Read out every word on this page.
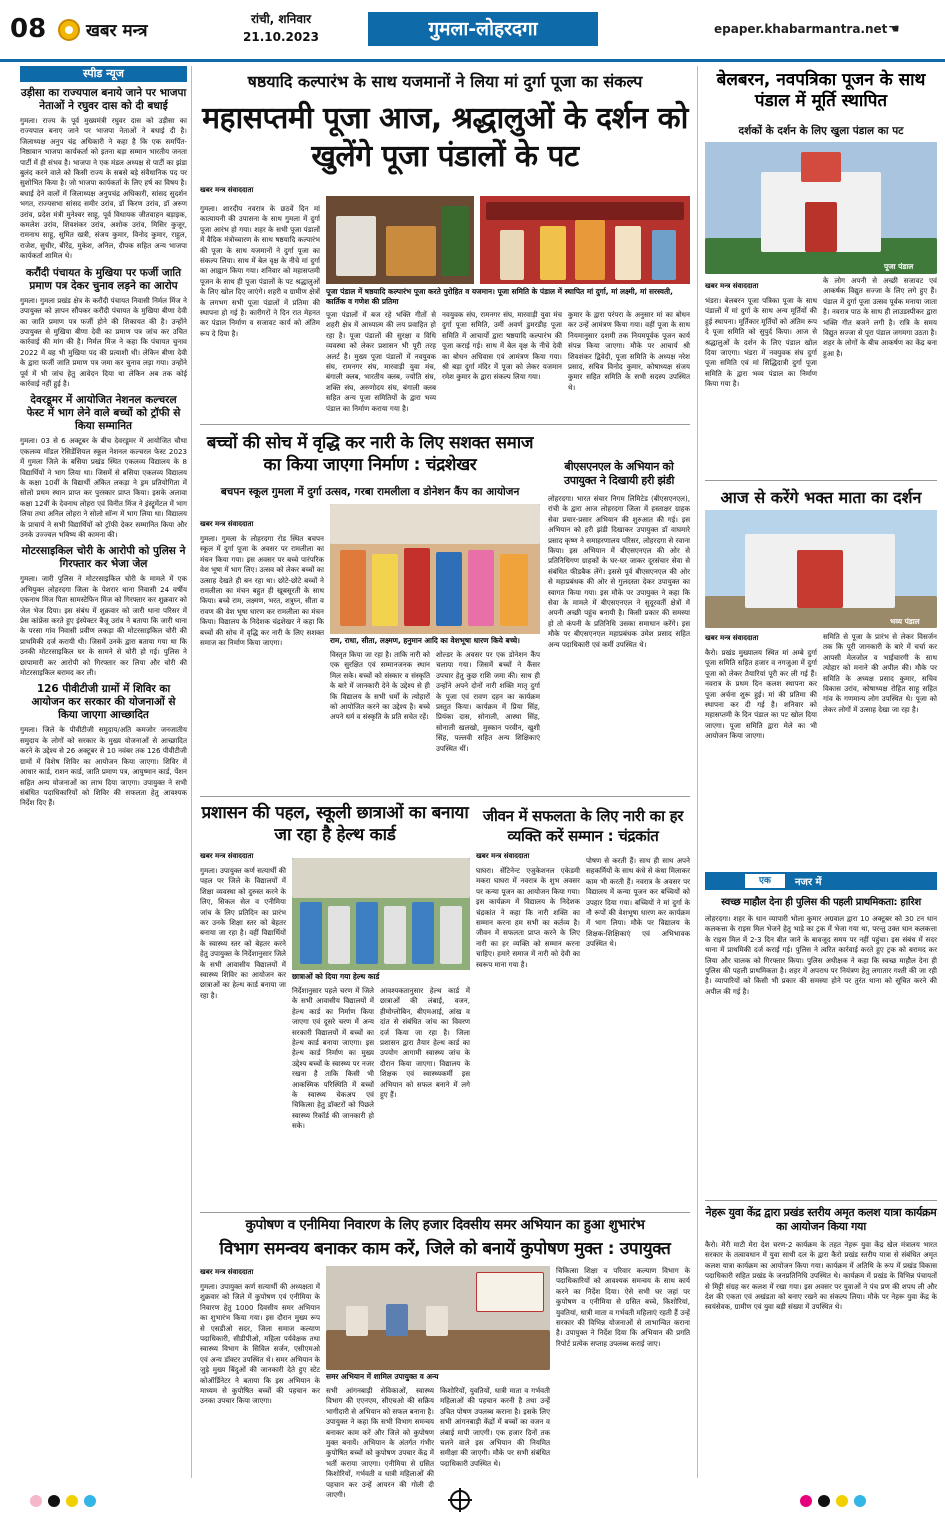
08 खबर मन्त्र
रांची, शनिवार
21.10.2023	गुमला-लोहरदगा	epaper.khabarmantra.net ☚
स्पीड न्यूज
उड़ीसा का राज्यपाल बनाये जाने पर भाजपा नेताओं ने रघुवर दास को दी बधाई
गुमला। राज्य के पूर्व मुख्यमंत्री रघुवर दास को उड़ीसा का राज्यपाल बनाए जाने पर भाजपा नेताओं ने बधाई दी है। जिलाध्यक्ष अनुप चंद्र अधिकारी ने कहा है कि एक समर्पित-निष्ठावान भाजपा कार्यकर्ता को इतना बड़ा सम्मान भारतीय जनता पार्टी में ही संभव है। भाजपा ने एक मंडल अध्यक्ष से पार्टी का झंडा बुलंद करने वाले को किसी राज्य के सबसे बड़े संवैधानिक पद पर सुशोभित किया है। जो भाजपा कार्यकर्ता के लिए हर्ष का विषय है। बधाई देने वालों में जिलाध्यक्ष अनुपचंद्र अधिकारी, सांसद सुदर्शन भगत, राज्यसभा सांसद समीर उरांव, डॉ किरण उरांव, डॉ अरुण उरांव, प्रदेश मंत्री मुनेश्वर साहू, पूर्व विधायक जीतवाहन बड़ाइक, कमलेश उरांव, शिवशंकर उरांव, अशोक उरांव, मिसिर कुजूर, रामनाथ साहू, सुमित खत्री, संजय कुमार, विनोद कुमार, राहुल, राजेश, सुधीर, बीरेंद्र, मुकेश, अनिल, दीपक सहित अन्य भाजपा कार्यकर्ता शामिल थे।
करौंदी पंचायत के मुखिया पर फर्जी जाति प्रमाण पत्र देकर चुनाव लड़ने का आरोप
गुमला। गुमला प्रखंड क्षेत्र के करौंदी पंचायत निवासी निर्मल मिंज ने उपायुक्त को ज्ञापन सौंपकर करौंदी पंचायत के मुखिया बीणा देवी का जाति प्रमाण पत्र फर्जी होने की शिकायत की है। उन्होंने उपायुक्त से मुखिया बीणा देवी का प्रमाण पत्र जांच कर उचित कार्रवाई की मांग की है। निर्मल मिंज ने कहा कि पंचायत चुनाव 2022 में वह भी मुखिया पद की प्रत्याशी थी। लेकिन बीणा देवी के द्वारा फर्जी जाति प्रमाण पत्र जमा कर चुनाव लड़ा गया। उन्होंने पूर्व में भी जांच हेतु आवेदन दिया था लेकिन अब तक कोई कार्रवाई नहीं हुई है।
देवरडूमर में आयोजित नेशनल कल्चरल फेस्ट में भाग लेने वाले बच्चों को ट्रॉफी से किया सम्मानित
गुमला। 03 से 6 अक्टूबर के बीच देवरडूमर में आयोजित चौथा एकलव्य मॉडल रेसिडेंशियल स्कूल नेशनल कल्चरल फेस्ट 2023 में गुमला जिले के बसिया प्रखंड स्थित एकलव्य विद्यालय के 8 विद्यार्थियों ने भाग लिया था। जिसमें से बसिया एकलव्य विद्यालय के कक्षा 10वीं के विद्यार्थी अंकित लकड़ा ने ड्रम प्रतियोगिता में सोलो प्रथम स्थान प्राप्त कर पुरस्कार प्राप्त किया। इसके अलावा कक्षा 12वीं के देवनाथ लोहरा एवं विनीत मिंज ने इंस्ट्रूमेंटल में भाग लिया तथा अनिल लोहरा ने सोलो सॉन्ग में भाग लिया था। विद्यालय के प्राचार्य ने सभी विद्यार्थियों को ट्रॉफी देकर सम्मानित किया और उनके उज्ज्वल भविष्य की कामना की।
मोटरसाइकिल चोरी के आरोपी को पुलिस ने गिरफ्तार कर भेजा जेल
गुमला। जारी पुलिस ने मोटरसाइकिल चोरी के मामले में एक अभियुक्त लोहरदगा जिला के पेशरार थाना निवासी 24 वर्षीय एकनाथ मिंज पिता सामस्टेफिन मिंज को गिरफ्तार कर शुक्रवार को जेल भेज दिया। इस संबंध में शुक्रवार को जारी थाना परिसर में प्रेस कांफ्रेंस करते हुए इंस्पेक्टर बैजू उरांव ने बताया कि जारी थाना के परसा गांव निवासी प्रवीण लकड़ा की मोटरसाइकिल चोरी की प्राथमिकी दर्ज करायी थी। जिसमें उनके द्वारा बताया गया था कि उनकी मोटरसाइकिल घर के सामने से चोरी हो गई। पुलिस ने छापामारी कर आरोपी को गिरफ्तार कर लिया और चोरी की मोटरसाइकिल बरामद कर ली।
126 पीवीटीजी ग्रामों में शिविर का आयोजन कर सरकार की योजनाओं से किया जाएगा आच्छादित
गुमला। जिले के पीवीटीजी समुदाय/अति कमजोर जनजातीय समुदाय के लोगों को सरकार के मुख्य योजनाओं से आच्छादित करने के उद्देश्य से 26 अक्टूबर से 10 नवंबर तक 126 पीवीटीजी ग्रामों में विशेष शिविर का आयोजन किया जाएगा। शिविर में आधार कार्ड, राशन कार्ड, जाति प्रमाण पत्र, आयुष्मान कार्ड, पेंशन सहित अन्य योजनाओं का लाभ दिया जाएगा। उपायुक्त ने सभी संबंधित पदाधिकारियों को शिविर की सफलता हेतु आवश्यक निर्देश दिए हैं।
षष्ठयादि कल्पारंभ के साथ यजमानों ने लिया मां दुर्गा पूजा का संकल्प
महासप्तमी पूजा आज, श्रद्धालुओं के दर्शन को खुलेंगे पूजा पंडालों के पट
खबर मन्त्र संवाददाता
गुमला। शारदीय नवरात्र के छठवें दिन मां कात्यायनी की उपासना के साथ गुमला में दुर्गा पूजा आरंभ हो गया। शहर के सभी पूजा पंडालों में वैदिक मंत्रोच्चारण के साथ षष्ठयादि कल्पारंभ की पूजा के साथ यजमानों ने दुर्गा पूजा का संकल्प लिया। साथ में बेल वृक्ष के नीचे मां दुर्गा का आह्वान किया गया। शनिवार को महासप्तमी पूजन के साथ ही पूजा पंडालों के पट श्रद्धालुओं के लिए खोल दिए जाएंगे। शहरी व ग्रामीण क्षेत्रों के लगभग सभी पूजा पंडालों में प्रतिमा की स्थापना हो गई है। कारीगरों ने दिन रात मेहनत कर पंडाल निर्माण व सजावट कार्य को अंतिम रूप दे दिया है।
पूजा पंडाल में षष्ठयादि कल्पारंभ पूजा करते पुरोहित व यजमान। पूजा समिति के पंडाल में स्थापित मां दुर्गा, मां लक्ष्मी, मां सरस्वती, कार्तिक व गणेश की प्रतिमा
पूजा पंडालों में बज रहे भक्ति गीतों से शहरी क्षेत्र में आध्यात्म की लय प्रवाहित हो रहा है। पूजा पंडालों की सुरक्षा व विधि व्यवस्था को लेकर प्रशासन भी पूरी तरह अलर्ट है। मुख्य पूजा पंडालों में नवयुवक संघ, रामनगर संघ, मारवाड़ी युवा मंच, बंगाली क्लब, भारतीय क्लब, ज्योति संघ, शक्ति संघ, अरुणोदय संघ, बंगाली क्लब सहित अन्य पूजा समितियों के द्वारा भव्य पंडाल का निर्माण कराया गया है।
नवयुवक संघ, रामनगर संघ, मारवाड़ी युवा मंच दुर्गा पूजा समिति, उर्मी अवर्ण डुमरडीह पूजा समिति में आचार्यों द्वारा षष्ठयादि कल्पारंभ की पूजा कराई गई। साथ में बेल वृक्ष के नीचे देवी का बोधन अधिवास एवं आमंत्रण किया गया। श्री बड़ा दुर्गा मंदिर में पूजा को लेकर यजमान रमेश कुमार के द्वारा संकल्प लिया गया।
कुमार के द्वारा परंपरा के अनुसार मां का बोधन कर उन्हें आमंत्रण किया गया। वहीं पूजा के साथ नियमानुसार दशमी तक नियमपूर्वक पूजन कार्य संपन्न किया जाएगा। मौके पर आचार्य श्री शिवशंकर द्विवेदी, पूजा समिति के अध्यक्ष नरेश प्रसाद, सचिव विनोद कुमार, कोषाध्यक्ष संजय कुमार सहित समिति के सभी सदस्य उपस्थित थे।
बेलबरन, नवपत्रिका पूजन के साथ पंडाल में मूर्ति स्थापित
दर्शकों के दर्शन के लिए खुला पंडाल का पट
पूजा पंडाल
खबर मन्त्र संवाददाता
भंडरा। बेलबरन पूजा पत्रिका पूजा के साथ पंडालों में मां दुर्गा के साथ अन्य मूर्तियों की हुई स्थापना। मूर्तिकार मूर्तियों को अंतिम रूप दे पूजा समिति को सुपुर्द किया। आज से श्रद्धालुओं के दर्शन के लिए पंडाल खोल दिया जाएगा। भंडरा में नवयुवक संघ दुर्गा पूजा समिति एवं मां सिद्धिदात्री दुर्गा पूजा समिति के द्वारा भव्य पंडाल का निर्माण किया गया है।
के लोग अपनी से अच्छी सजावट एवं आकर्षक विद्युत सज्जा के लिए लगे हुए हैं। पंडाल में दुर्गा पूजा उत्सव पूर्वक मनाया जाता है। नवरात्र पाठ के साथ ही लाउडस्पीकर द्वारा भक्ति गीत बजने लगी है। रात्रि के समय विद्युत सज्जा से पूरा पंडाल जगमगा उठता है। शहर के लोगों के बीच आकर्षण का केंद्र बना हुआ है।
आज से करेंगे भक्त माता का दर्शन
भव्य पंडाल
खबर मन्त्र संवाददाता
कैरो। प्रखंड मुख्यालय स्थित मां अम्बे दुर्गा पूजा समिति सहित हजार व नगजुआ में दुर्गा पूजा को लेकर तैयारियां पूरी कर ली गई हैं। नवरात्र के प्रथम दिन कलश स्थापना कर पूजा अर्चना शुरू हुई। मां की प्रतिमा की स्थापना कर दी गई है। शनिवार को महासप्तमी के दिन पंडाल का पट खोल दिया जाएगा। पूजा समिति द्वारा मेले का भी आयोजन किया जाएगा।
समिति से पूजा के प्रारंभ से लेकर विसर्जन तक कि पूरी जानकारी के बारे में चर्चा कर आपसी मेलजोल व भाईचारगी के साथ त्योहार को मनाने की अपील की। मौके पर समिति के अध्यक्ष प्रसाद कुमार, सचिव विकास उरांव, कोषाध्यक्ष रोहित साहू सहित गांव के गणमान्य लोग उपस्थित थे। पूजा को लेकर लोगों में उत्साह देखा जा रहा है।
बच्चों की सोच में वृद्धि कर नारी के लिए सशक्त समाज का किया जाएगा निर्माण : चंद्रशेखर
बचपन स्कूल गुमला में दुर्गा उत्सव, गरबा रामलीला व डोनेशन कैंप का आयोजन
खबर मन्त्र संवाददाता
गुमला। गुमला के लोहरदगा रोड स्थित बचपन स्कूल में दुर्गा पूजा के अवसर पर रामलीला का मंचन किया गया। इस अवसर पर बच्चे पारंपरिक वेश भूषा में भाग लिए। उत्सव को लेकर बच्चों का उत्साह देखते ही बन रहा था। छोटे-छोटे बच्चों ने रामलीला का मंचन बहुत ही खूबसूरती के साथ किया। बच्चे राम, लक्ष्मण, भरत, शत्रुघ्न, सीता व रावण की वेश भूषा धारण कर रामलीला का मंचन किया। विद्यालय के निदेशक चंद्रशेखर ने कहा कि बच्चों की सोच में वृद्धि कर नारी के लिए सशक्त समाज का निर्माण किया जाएगा।	राम, राधा, सीता, लक्ष्मण, हनुमान आदि का वेशभूषा धारण किये बच्चे।
विस्तृत किया जा रहा है। ताकि नारी को एक सुरक्षित एवं सम्मानजनक स्थान मिल सके। बच्चों को संस्कार व संस्कृति के बारे में जानकारी देने के उद्देश्य से ही कि विद्यालय के सभी धर्मों के त्योहारों को आयोजित करने का उद्देश्य है। बच्चे अपने धर्म व संस्कृति के प्रति सचेत रहें।
शोल्डर के अवसर पर एक डोनेशन कैंप चलाया गया। जिसमें बच्चों ने कैंसर उपचार हेतु कुछ राशि जमा की। साथ ही उन्होंने अपने दोनों नारी शक्ति मातृ दुर्गा के पूजा एवं रावण दहन का कार्यक्रम प्रस्तुत किया। कार्यक्रम में प्रिया सिंह, प्रियंका दास, सोनाली, आस्था सिंह, सोनाली खलखो, मुस्कान परवीन, खुशी सिंह, पल्लवी सहित अन्य शिक्षिकाएं उपस्थित थीं।
बीएसएनएल के अभियान को उपायुक्त ने दिखायी हरी झंडी
लोहरदगा। भारत संचार निगम लिमिटेड (बीएसएनएल), रांची के द्वारा आज लोहरदगा जिला में हस्ताक्षर ग्राहक सेवा प्रचार-प्रसार अभियान की शुरुआत की गई। इस अभियान को हरी झंडी दिखाकर उपायुक्त डॉ वाघमारे प्रसाद कृष्ण ने समाहरणालय परिसर, लोहरदगा से रवाना किया। इस अभियान में बीएसएनएल की ओर से प्रतिनिधिगण ग्राहकों के घर-घर जाकर दूरसंचार सेवा से संबंधित फीडबैक लेंगे। इससे पूर्व बीएसएनएल की ओर से महाप्रबंधक की ओर से गुलदस्ता देकर उपायुक्त का स्वागत किया गया। इस मौके पर उपायुक्त ने कहा कि सेवा के मामले में बीएसएनएल ने सुदूरवर्ती क्षेत्रों में अपनी अच्छी पहुंच बनायी है। किसी प्रकार की समस्या हो तो कंपनी के प्रतिनिधि उसका समाधान करेंगे। इस मौके पर बीएसएनएल महाप्रबंधक उमेश प्रसाद सहित अन्य पदाधिकारी एवं कर्मी उपस्थित थे।
प्रशासन की पहल, स्कूली छात्राओं का बनाया जा रहा है हेल्थ कार्ड
खबर मन्त्र संवाददाता
गुमला। उपायुक्त कर्ण सत्यार्थी की पहल पर जिले के विद्यालयों में शिक्षा व्यवस्था को दुरुस्त करने के लिए, सिकल सेल व एनीमिया जांच के लिए प्रतिदिन का प्रारंभ कर उनके शिक्षा स्तर को बेहतर बनाया जा रहा है। वहीं विद्यार्थियों के स्वास्थ्य स्तर को बेहतर करने हेतु उपायुक्त के निर्देशानुसार जिले के सभी आवासीय विद्यालयों में स्वास्थ्य शिविर का आयोजन कर छात्राओं का हेल्थ कार्ड बनाया जा रहा है।
छात्राओं को दिया गया हेल्थ कार्ड
निर्देशानुसार पहले चरण में जिले के सभी आवासीय विद्यालयों में हेल्थ कार्ड का निर्माण किया जाएगा एवं दूसरे चरण में अन्य सरकारी विद्यालयों में बच्चों का हेल्थ कार्ड बनाया जाएगा। इस हेल्थ कार्ड निर्माण का मुख्य उद्देश्य बच्चों के स्वास्थ्य पर नजर रखना है ताकि किसी भी आकस्मिक परिस्थिति में बच्चों के स्वास्थ्य चेकअप एवं चिकित्सा हेतु डॉक्टरों को पिछले स्वास्थ्य रिकॉर्ड की जानकारी हो सके।
आवश्यकतानुसार हेल्थ कार्ड में छात्राओं की लंबाई, वजन, हीमोग्लोबिन, बीएमआई, आंख व दांत से संबंधित जांच का विवरण दर्ज किया जा रहा है। जिला प्रशासन द्वारा तैयार हेल्थ कार्ड का उपयोग आगामी स्वास्थ्य जांच के दौरान किया जाएगा। विद्यालय के शिक्षक एवं स्वास्थ्यकर्मी इस अभियान को सफल बनाने में लगे हुए हैं।
जीवन में सफलता के लिए नारी का हर व्यक्ति करें सम्मान : चंद्रकांत
खबर मन्त्र संवाददाता
घाघरा। सेंटिनेन्ट एजुकेशनल एकेडमी मकरा घाघरा में नवरात्र के शुभ अवसर पर कन्या पूजन का आयोजन किया गया। इस कार्यक्रम में विद्यालय के निदेशक चंद्रकांत ने कहा कि नारी शक्ति का सम्मान करना हम सभी का कर्तव्य है। जीवन में सफलता प्राप्त करने के लिए नारी का हर व्यक्ति को सम्मान करना चाहिए। हमारे समाज में नारी को देवी का स्वरूप माना गया है।
पोषण से करती हैं। साथ ही साथ अपने सहकर्मियों के साथ कंधे से कंधा मिलाकर काम भी करती हैं। नवरात्र के अवसर पर विद्यालय में कन्या पूजन कर बच्चियों को उपहार दिया गया। बच्चियों ने मां दुर्गा के नौ रूपों की वेशभूषा धारण कर कार्यक्रम में भाग लिया। मौके पर विद्यालय के शिक्षक-शिक्षिकाएं एवं अभिभावक उपस्थित थे।
एक	नजर में
स्वच्छ माहौल देना ही पुलिस की पहली प्राथमिकता: हारिश
लोहरदगा। शहर के धान व्यापारी भोला कुमार अग्रवाल द्वारा 10 अक्टूबर को 30 टन धान कलकत्ता के राइस मिल भेजने हेतु भाड़े का ट्रक में भेजा गया था, परन्तु उक्त धान कलकत्ता के राइस मिल में 2-3 दिन बीत जाने के बावजूद समय पर नहीं पहुंचा। इस संबंध में सदर थाना में प्राथमिकी दर्ज कराई गई। पुलिस ने त्वरित कार्रवाई करते हुए ट्रक को बरामद कर लिया और चालक को गिरफ्तार किया। पुलिस अधीक्षक ने कहा कि स्वच्छ माहौल देना ही पुलिस की पहली प्राथमिकता है। शहर में अपराध पर नियंत्रण हेतु लगातार गश्ती की जा रही है। व्यापारियों को किसी भी प्रकार की समस्या होने पर तुरंत थाना को सूचित करने की अपील की गई है।
नेहरू युवा केंद्र द्वारा प्रखंड स्तरीय अमृत कलश यात्रा कार्यक्रम का आयोजन किया गया
कैरो। मेरी माटी मेरा देश चरण-2 कार्यक्रम के तहत नेहरू युवा केंद्र खेल मंत्रालय भारत सरकार के तत्वावधान में युवा साथी दल के द्वारा कैरो प्रखंड स्तरीय यात्रा से संबंधित अमृत कलश यात्रा कार्यक्रम का आयोजन किया गया। कार्यक्रम में अतिथि के रूप में प्रखंड विकास पदाधिकारी सहित प्रखंड के जनप्रतिनिधि उपस्थित थे। कार्यक्रम में प्रखंड के विभिन्न पंचायतों से मिट्टी संग्रह कर कलश में रखा गया। इस अवसर पर युवाओं ने पंच प्रण की शपथ ली और देश की एकता एवं अखंडता को बनाए रखने का संकल्प लिया। मौके पर नेहरू युवा केंद्र के स्वयंसेवक, ग्रामीण एवं युवा बड़ी संख्या में उपस्थित थे।
कुपोषण व एनीमिया निवारण के लिए हजार दिवसीय समर अभियान का हुआ शुभारंभ
विभाग समन्वय बनाकर काम करें, जिले को बनायें कुपोषण मुक्त : उपायुक्त
खबर मन्त्र संवाददाता
गुमला। उपायुक्त कर्ण सत्यार्थी की अध्यक्षता में शुक्रवार को जिले में कुपोषण एवं एनीमिया के निवारण हेतु 1000 दिवसीय समर अभियान का शुभारंभ किया गया। इस दौरान मुख्य रूप से एसडीओ सदर, जिला समाज कल्याण पदाधिकारी, सीडीपीओ, महिला पर्यवेक्षक तथा स्वास्थ्य विभाग के सिविल सर्जन, एसीएमओ एवं अन्य डॉक्टर उपस्थित थे। समर अभियान के जुड़े मुख्य बिंदुओं की जानकारी देते हुए स्टेट कोऑर्डिनेटर ने बताया कि इस अभियान के माध्यम से कुपोषित बच्चों की पहचान कर उनका उपचार किया जाएगा।
समर अभियान में शामिल उपायुक्त व अन्य
सभी आंगनबाड़ी सेविकाओं, स्वास्थ्य विभाग की एएनएम, सीएचओ की सक्रिय भागीदारी से अभियान को सफल बनाना है। उपायुक्त ने कहा कि सभी विभाग समन्वय बनाकर काम करें और जिले को कुपोषण मुक्त बनायें। अभियान के अंतर्गत गंभीर कुपोषित बच्चों को कुपोषण उपचार केंद्र में भर्ती कराया जाएगा। एनीमिया से ग्रसित किशोरियों, गर्भवती व धात्री महिलाओं की पहचान कर उन्हें आयरन की गोली दी जाएगी।
किशोरियों, युवतियों, धात्री माता व गर्भवती महिलाओं की पहचान करनी है तथा उन्हें उचित पोषण उपलब्ध कराना है। इसके लिए सभी आंगनबाड़ी केंद्रों में बच्चों का वजन व लंबाई मापी जाएगी। एक हजार दिनों तक चलने वाले इस अभियान की नियमित समीक्षा की जाएगी। मौके पर सभी संबंधित पदाधिकारी उपस्थित थे।
चिकित्सा शिक्षा व परिवार कल्याण विभाग के पदाधिकारियों को आवश्यक समन्वय के साथ कार्य करने का निर्देश दिया। ऐसे सभी घर जहां पर कुपोषण व एनीमिया से ग्रसित बच्चे, किशोरियां, युवतियां, धात्री माता व गर्भवती महिलाएं रहती हैं उन्हें सरकार की विभिन्न योजनाओं से लाभान्वित कराना है। उपायुक्त ने निर्देश दिया कि अभियान की प्रगति रिपोर्ट प्रत्येक सप्ताह उपलब्ध कराई जाए।
